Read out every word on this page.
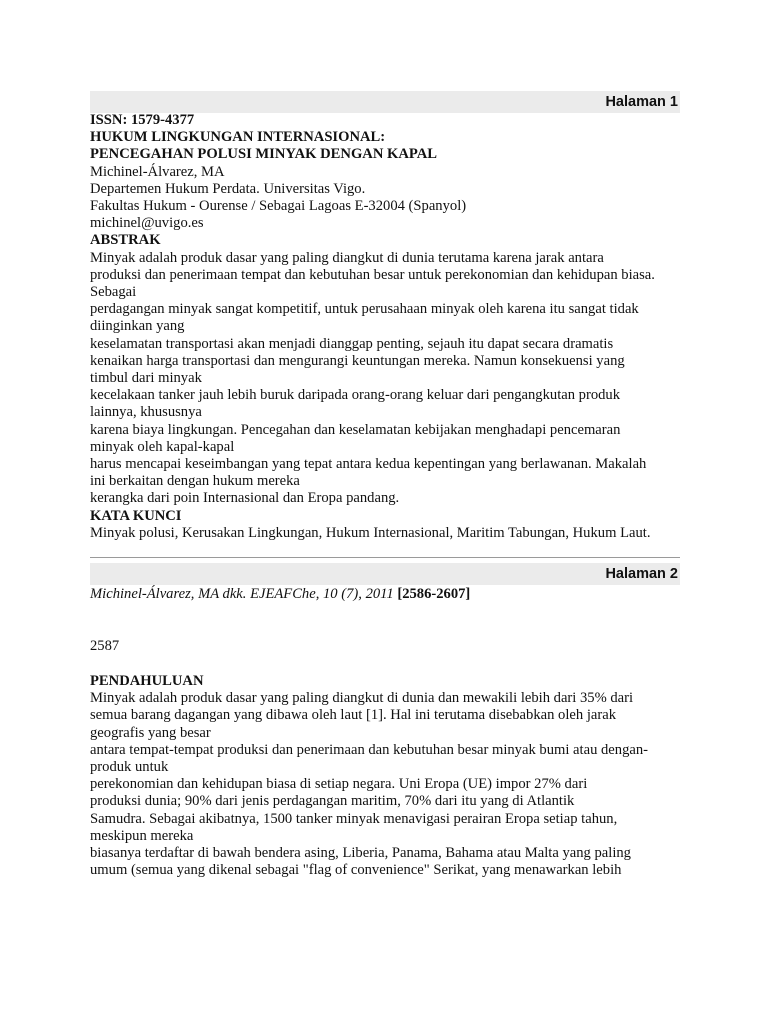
Halaman 1
ISSN: 1579-4377
HUKUM LINGKUNGAN INTERNASIONAL:
PENCEGAHAN POLUSI MINYAK DENGAN KAPAL
Michinel-Álvarez, MA
Departemen Hukum Perdata. Universitas Vigo.
Fakultas Hukum - Ourense / Sebagai Lagoas E-32004 (Spanyol)
michinel@uvigo.es
ABSTRAK
Minyak adalah produk dasar yang paling diangkut di dunia terutama karena jarak antara
produksi dan penerimaan tempat dan kebutuhan besar untuk perekonomian dan kehidupan biasa.
Sebagai
perdagangan minyak sangat kompetitif, untuk perusahaan minyak oleh karena itu sangat tidak
diinginkan yang
keselamatan transportasi akan menjadi dianggap penting, sejauh itu dapat secara dramatis
kenaikan harga transportasi dan mengurangi keuntungan mereka. Namun konsekuensi yang
timbul dari minyak
kecelakaan tanker jauh lebih buruk daripada orang-orang keluar dari pengangkutan produk
lainnya, khususnya
karena biaya lingkungan. Pencegahan dan keselamatan kebijakan menghadapi pencemaran
minyak oleh kapal-kapal
harus mencapai keseimbangan yang tepat antara kedua kepentingan yang berlawanan. Makalah
ini berkaitan dengan hukum mereka
kerangka dari poin Internasional dan Eropa pandang.
KATA KUNCI
Minyak polusi, Kerusakan Lingkungan, Hukum Internasional, Maritim Tabungan, Hukum Laut.
Halaman 2
Michinel-Álvarez, MA dkk. EJEAFChe, 10 (7), 2011 [2586-2607]
2587
PENDAHULUAN
Minyak adalah produk dasar yang paling diangkut di dunia dan mewakili lebih dari 35% dari
semua barang dagangan yang dibawa oleh laut [1]. Hal ini terutama disebabkan oleh jarak
geografis yang besar
antara tempat-tempat produksi dan penerimaan dan kebutuhan besar minyak bumi atau dengan-
produk untuk
perekonomian dan kehidupan biasa di setiap negara. Uni Eropa (UE) impor 27% dari
produksi dunia; 90% dari jenis perdagangan maritim, 70% dari itu yang di Atlantik
Samudra. Sebagai akibatnya, 1500 tanker minyak menavigasi perairan Eropa setiap tahun,
meskipun mereka
biasanya terdaftar di bawah bendera asing, Liberia, Panama, Bahama atau Malta yang paling
umum (semua yang dikenal sebagai "flag of convenience" Serikat, yang menawarkan lebih
